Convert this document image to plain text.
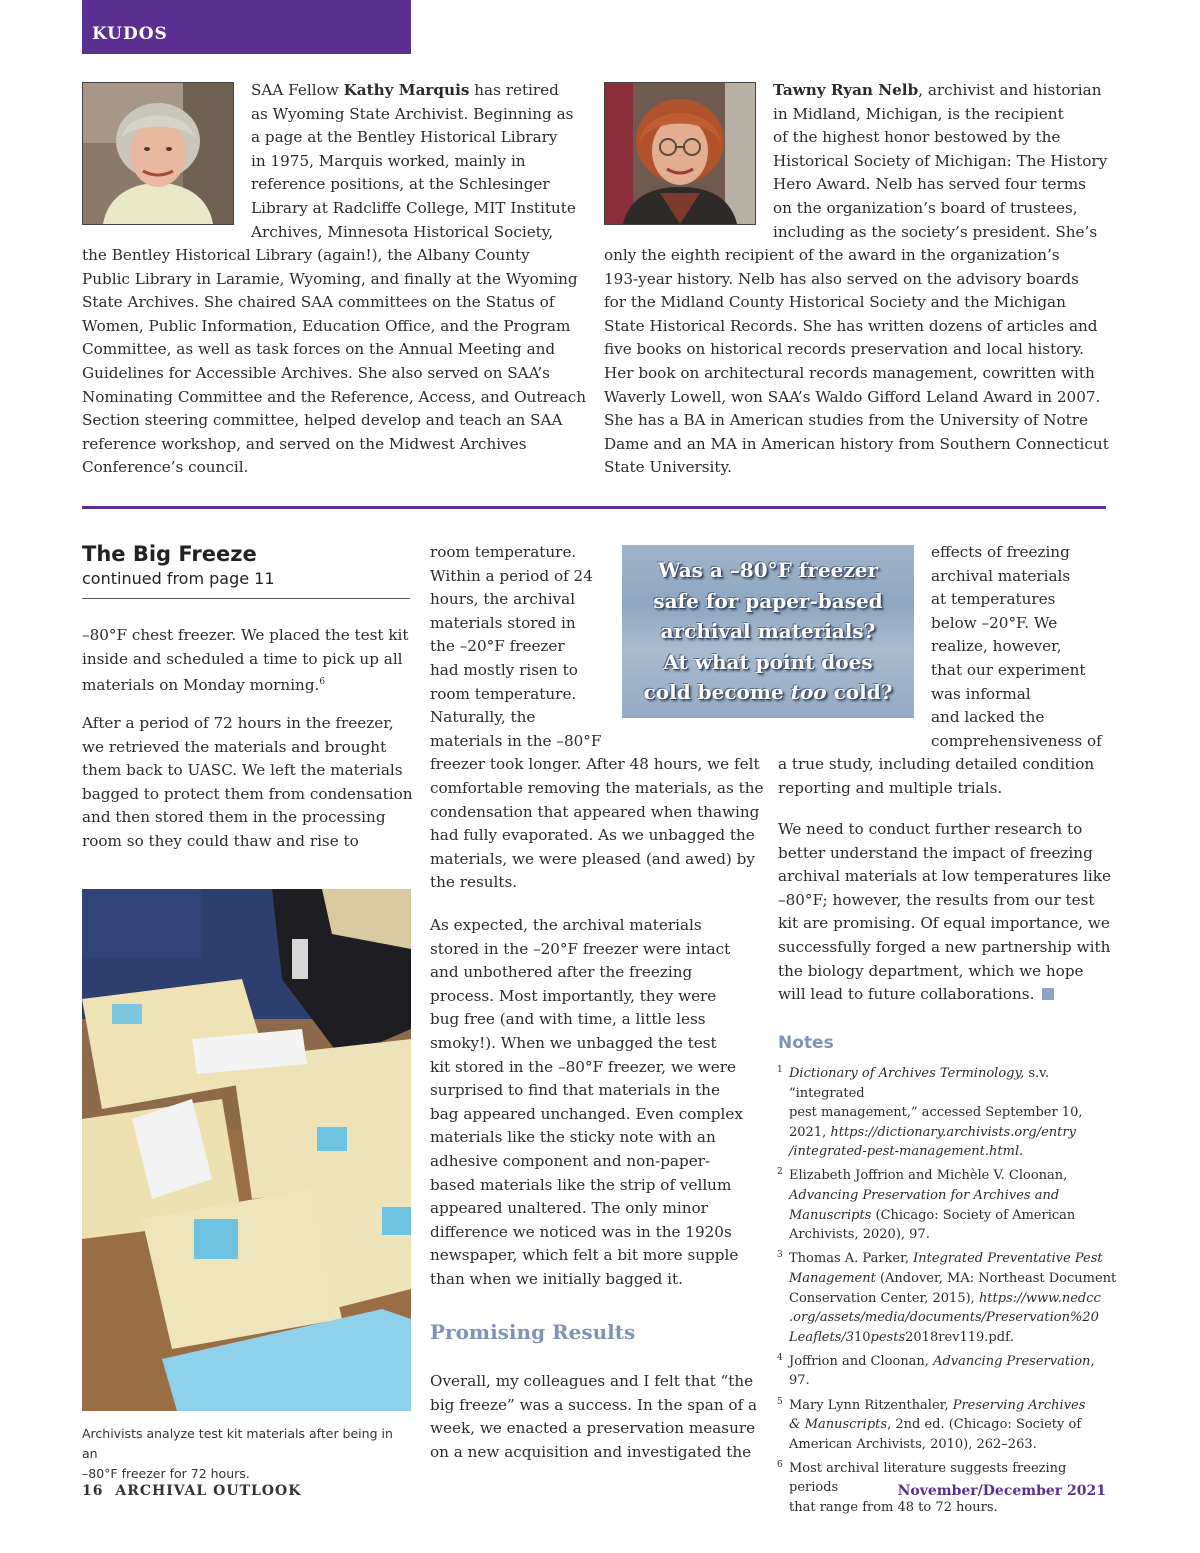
KUDOS
SAA Fellow Kathy Marquis has retired
as Wyoming State Archivist. Beginning as
a page at the Bentley Historical Library
in 1975, Marquis worked, mainly in
reference positions, at the Schlesinger
Library at Radcliffe College, MIT Institute
Archives, Minnesota Historical Society,
the Bentley Historical Library (again!), the Albany County
Public Library in Laramie, Wyoming, and finally at the Wyoming
State Archives. She chaired SAA committees on the Status of
Women, Public Information, Education Office, and the Program
Committee, as well as task forces on the Annual Meeting and
Guidelines for Accessible Archives. She also served on SAA’s
Nominating Committee and the Reference, Access, and Outreach
Section steering committee, helped develop and teach an SAA
reference workshop, and served on the Midwest Archives
Conference’s council.
Tawny Ryan Nelb, archivist and historian
in Midland, Michigan, is the recipient
of the highest honor bestowed by the
Historical Society of Michigan: The History
Hero Award. Nelb has served four terms
on the organization’s board of trustees,
including as the society’s president. She’s
only the eighth recipient of the award in the organization’s
193-year history. Nelb has also served on the advisory boards
for the Midland County Historical Society and the Michigan
State Historical Records. She has written dozens of articles and
five books on historical records preservation and local history.
Her book on architectural records management, cowritten with
Waverly Lowell, won SAA’s Waldo Gifford Leland Award in 2007.
She has a BA in American studies from the University of Notre
Dame and an MA in American history from Southern Connecticut
State University.
The Big Freeze
continued from page 11
–80°F chest freezer. We placed the test kit
inside and scheduled a time to pick up all
materials on Monday morning.$^6$
After a period of 72 hours in the freezer,
we retrieved the materials and brought
them back to UASC. We left the materials
bagged to protect them from condensation
and then stored them in the processing
room so they could thaw and rise to
Archivists analyze test kit materials after being in an
–80°F freezer for 72 hours.
room temperature.
Within a period of 24
hours, the archival
materials stored in
the –20°F freezer
had mostly risen to
room temperature.
Naturally, the
materials in the –80°F
freezer took longer. After 48 hours, we felt
comfortable removing the materials, as the
condensation that appeared when thawing
had fully evaporated. As we unbagged the
materials, we were pleased (and awed) by
the results.
As expected, the archival materials
stored in the –20°F freezer were intact
and unbothered after the freezing
process. Most importantly, they were
bug free (and with time, a little less
smoky!). When we unbagged the test
kit stored in the –80°F freezer, we were
surprised to find that materials in the
bag appeared unchanged. Even complex
materials like the sticky note with an
adhesive component and non-paper-
based materials like the strip of vellum
appeared unaltered. The only minor
difference we noticed was in the 1920s
newspaper, which felt a bit more supple
than when we initially bagged it.
Promising Results
Overall, my colleagues and I felt that “the
big freeze” was a success. In the span of a
week, we enacted a preservation measure
on a new acquisition and investigated the

Was a –80°F freezer

safe for paper-based

archival materials?

At what point does

cold become too cold?

effects of freezing
archival materials
at temperatures
below –20°F. We
realize, however,
that our experiment
was informal
and lacked the
comprehensiveness of
a true study, including detailed condition
reporting and multiple trials.
We need to conduct further research to
better understand the impact of freezing
archival materials at low temperatures like
–80°F; however, the results from our test
kit are promising. Of equal importance, we
successfully forged a new partnership with
the biology department, which we hope
will lead to future collaborations.
Notes
1 Dictionary of Archives Terminology, s.v. “integrated
pest management,” accessed September 10,
2021, https://dictionary.archivists.org/entry
/integrated-pest-management.html.
2 Elizabeth Joffrion and Michèle V. Cloonan,
Advancing Preservation for Archives and
Manuscripts (Chicago: Society of American
Archivists, 2020), 97.
3 Thomas A. Parker, Integrated Preventative Pest
Management (Andover, MA: Northeast Document
Conservation Center, 2015), https://www.nedcc
.org/assets/media/documents/Preservation%20
Leaflets/310pests2018rev119.pdf.
4 Joffrion and Cloonan, Advancing Preservation, 97.
5 Mary Lynn Ritzenthaler, Preserving Archives
& Manuscripts, 2nd ed. (Chicago: Society of
American Archivists, 2010), 262–263.
6 Most archival literature suggests freezing periods
that range from 48 to 72 hours.
16 ARCHIVAL OUTLOOK	November/December 2021
